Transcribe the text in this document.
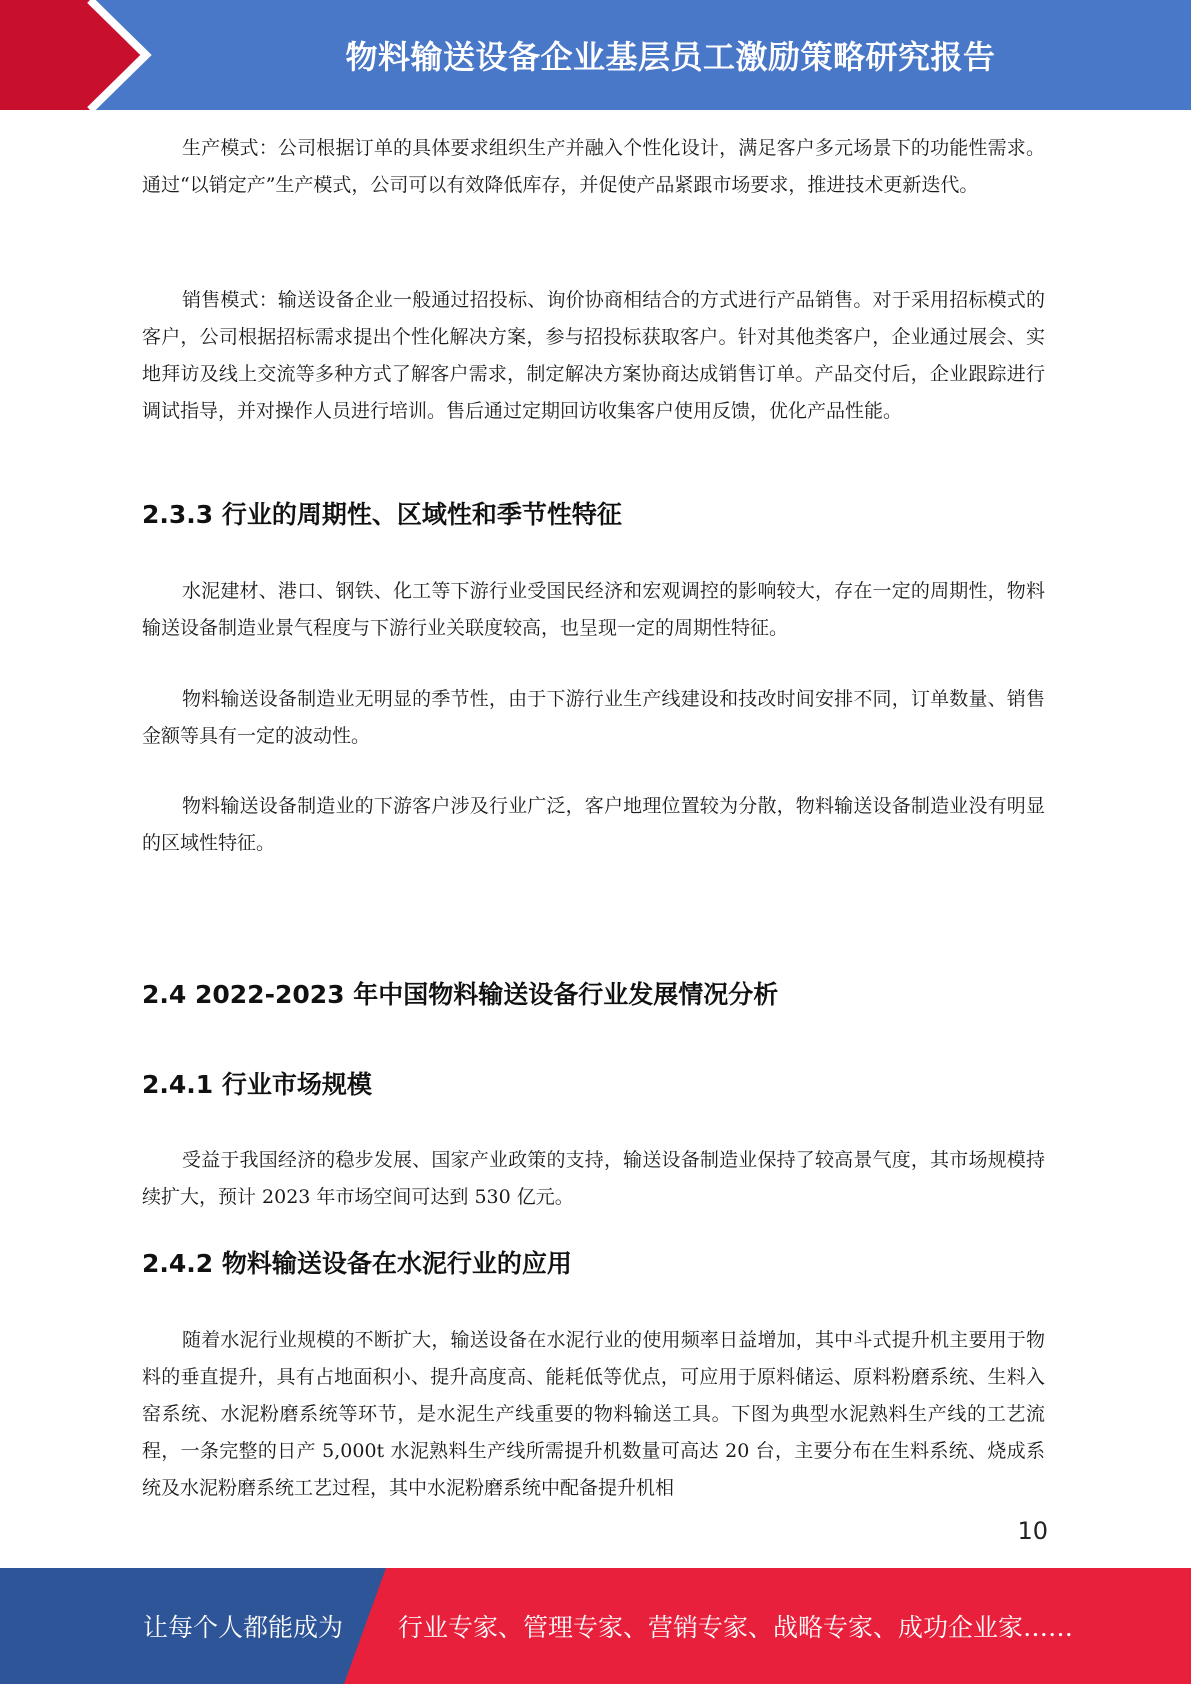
物料输送设备企业基层员工激励策略研究报告

生产模式：公司根据订单的具体要求组织生产并融入个性化设计，满足客户多元场景下的功能性需求。通过“以销定产”生产模式，公司可以有效降低库存，并促使产品紧跟市场要求，推进技术更新迭代。

销售模式：输送设备企业一般通过招投标、询价协商相结合的方式进行产品销售。对于采用招标模式的客户，公司根据招标需求提出个性化解决方案，参与招投标获取客户。针对其他类客户，企业通过展会、实地拜访及线上交流等多种方式了解客户需求，制定解决方案协商达成销售订单。产品交付后，企业跟踪进行调试指导，并对操作人员进行培训。售后通过定期回访收集客户使用反馈，优化产品性能。

2.3.3 行业的周期性、区域性和季节性特征

水泥建材、港口、钢铁、化工等下游行业受国民经济和宏观调控的影响较大，存在一定的周期性，物料输送设备制造业景气程度与下游行业关联度较高，也呈现一定的周期性特征。

物料输送设备制造业无明显的季节性，由于下游行业生产线建设和技改时间安排不同，订单数量、销售金额等具有一定的波动性。

物料输送设备制造业的下游客户涉及行业广泛，客户地理位置较为分散，物料输送设备制造业没有明显的区域性特征。

2.4 2022-2023 年中国物料输送设备行业发展情况分析
2.4.1 行业市场规模

受益于我国经济的稳步发展、国家产业政策的支持，输送设备制造业保持了较高景气度，其市场规模持续扩大，预计 2023 年市场空间可达到 530 亿元。

2.4.2 物料输送设备在水泥行业的应用

随着水泥行业规模的不断扩大，输送设备在水泥行业的使用频率日益增加，其中斗式提升机主要用于物料的垂直提升，具有占地面积小、提升高度高、能耗低等优点，可应用于原料储运、原料粉磨系统、生料入窑系统、水泥粉磨系统等环节，是水泥生产线重要的物料输送工具。下图为典型水泥熟料生产线的工艺流程，一条完整的日产 5,000t 水泥熟料生产线所需提升机数量可高达 20 台，主要分布在生料系统、烧成系统及水泥粉磨系统工艺过程，其中水泥粉磨系统中配备提升机相

10
让每个人都能成为 行业专家、管理专家、营销专家、战略专家、成功企业家……
